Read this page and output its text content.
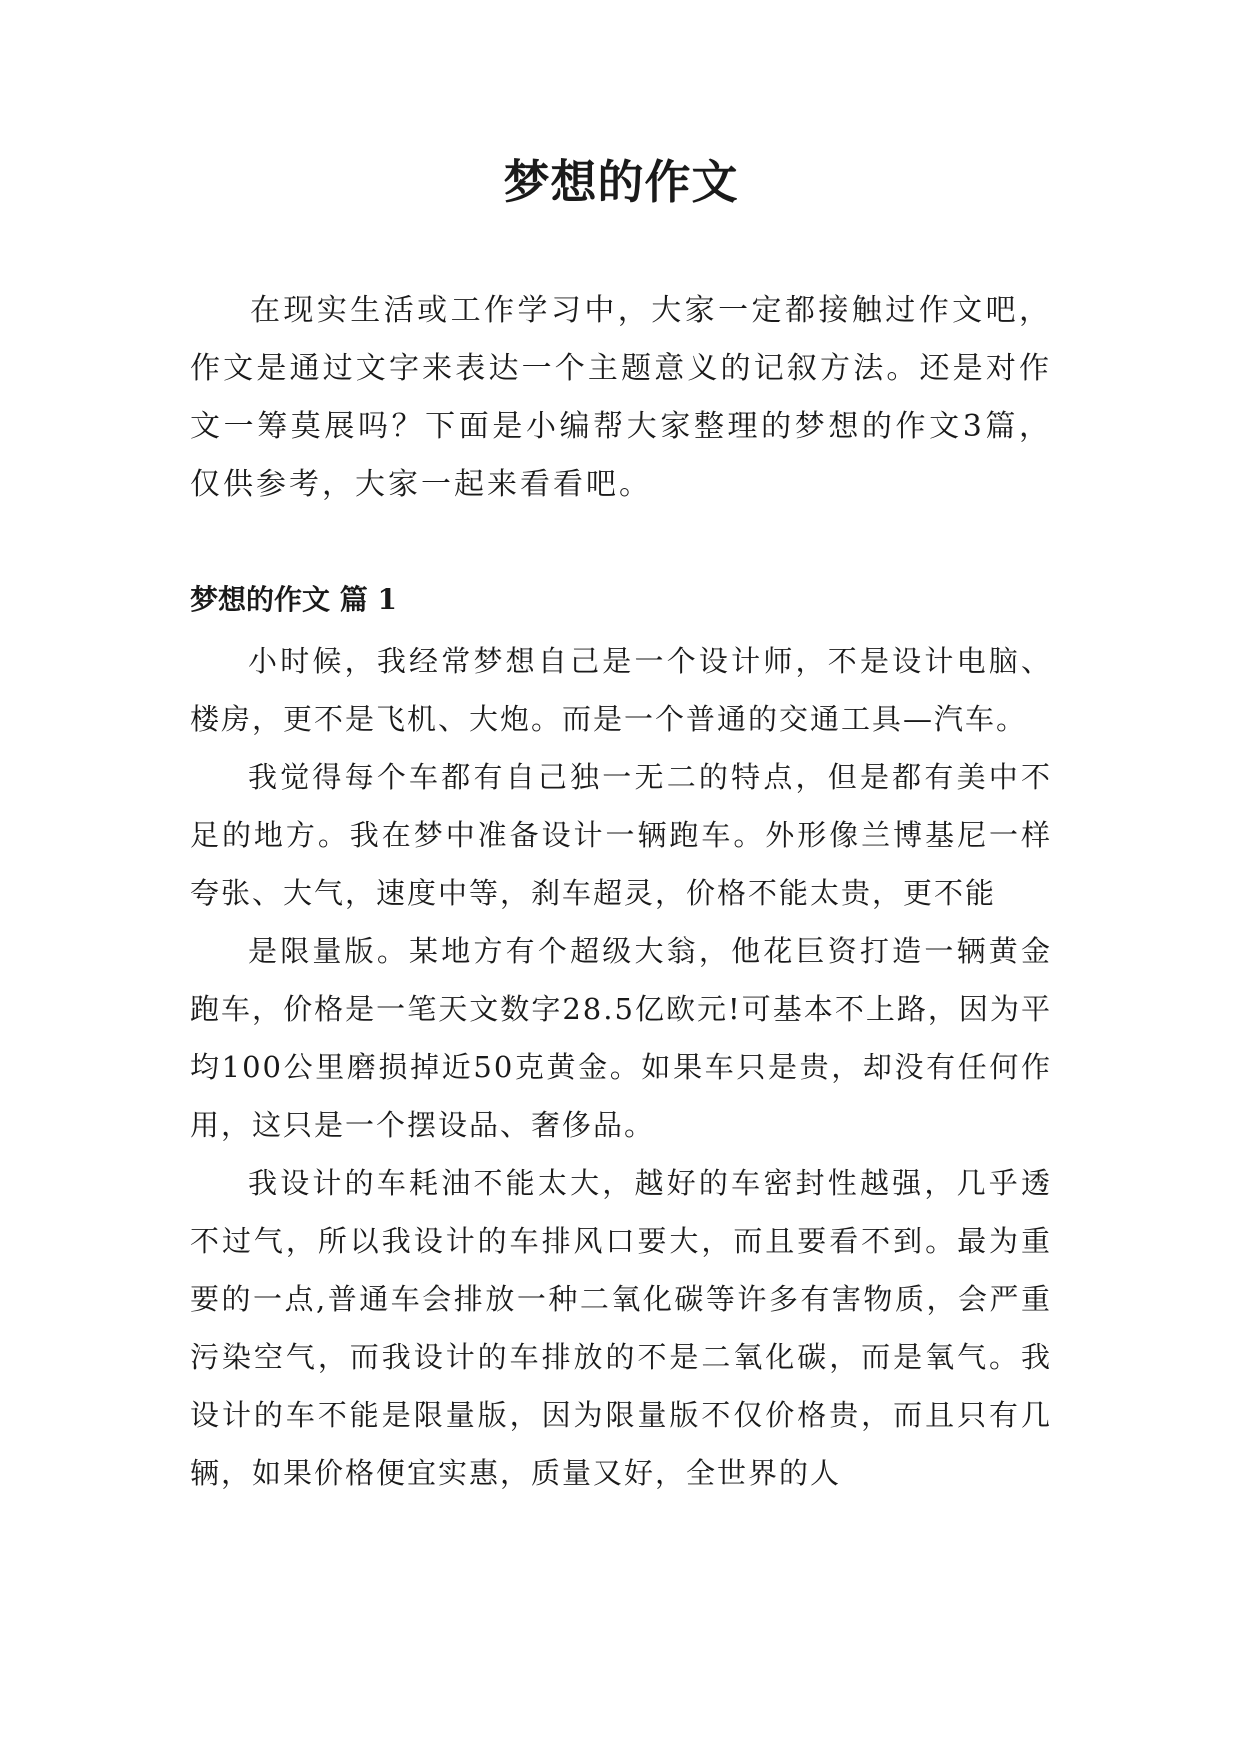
梦想的作文

在现实生活或工作学习中，大家一定都接触过作文吧，作文是通过文字来表达一个主题意义的记叙方法。还是对作文一筹莫展吗？下面是小编帮大家整理的梦想的作文3篇，仅供参考，大家一起来看看吧。

梦想的作文 篇 1

小时候，我经常梦想自己是一个设计师，不是设计电脑、楼房，更不是飞机、大炮。而是一个普通的交通工具—汽车。

我觉得每个车都有自己独一无二的特点，但是都有美中不足的地方。我在梦中准备设计一辆跑车。外形像兰博基尼一样夸张、大气，速度中等，刹车超灵，价格不能太贵，更不能

是限量版。某地方有个超级大翁，他花巨资打造一辆黄金跑车，价格是一笔天文数字28.5亿欧元!可基本不上路，因为平均100公里磨损掉近50克黄金。如果车只是贵，却没有任何作用，这只是一个摆设品、奢侈品。

我设计的车耗油不能太大，越好的车密封性越强，几乎透不过气，所以我设计的车排风口要大，而且要看不到。最为重要的一点,普通车会排放一种二氧化碳等许多有害物质，会严重污染空气，而我设计的车排放的不是二氧化碳，而是氧气。我设计的车不能是限量版，因为限量版不仅价格贵，而且只有几辆，如果价格便宜实惠，质量又好，全世界的人
